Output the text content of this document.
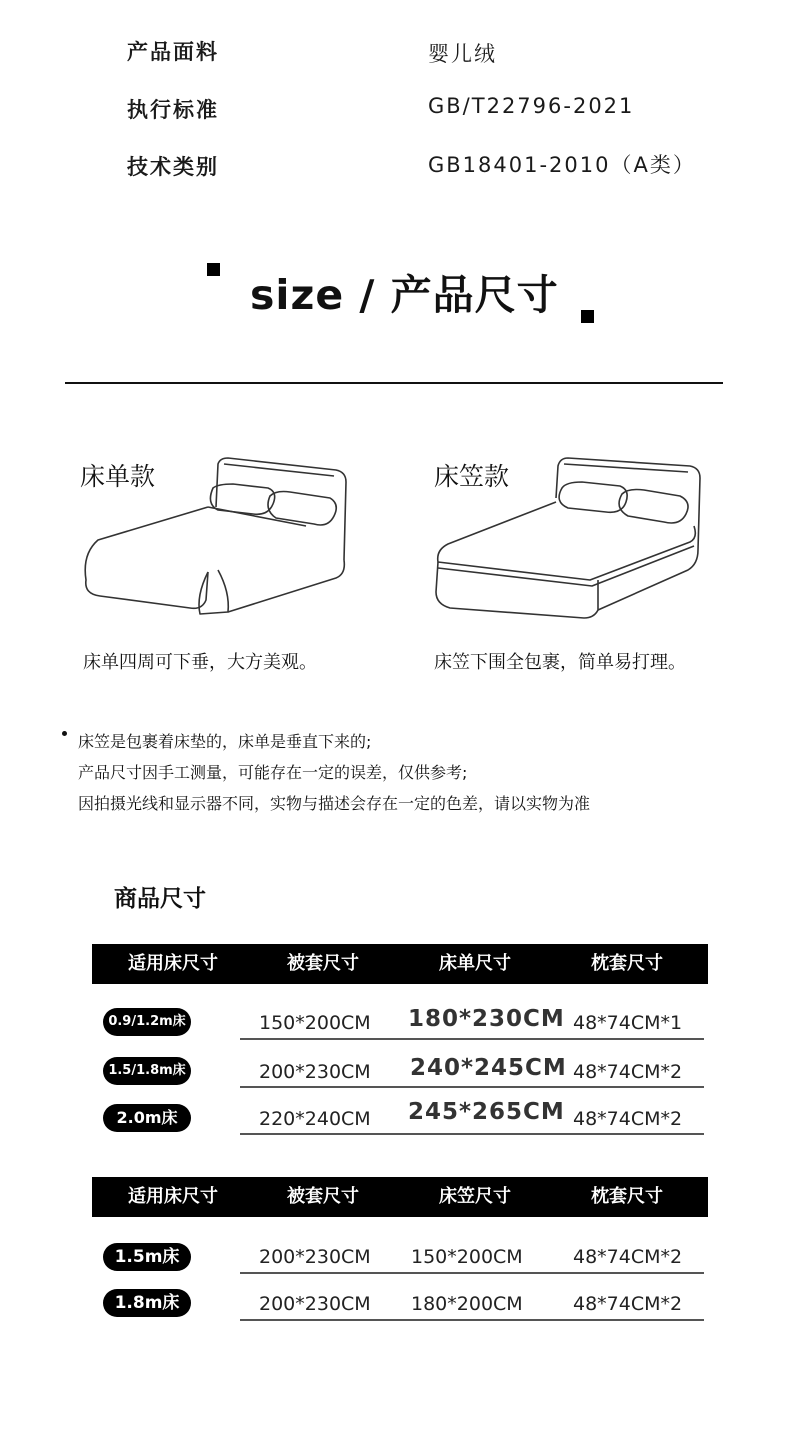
产品面料	婴儿绒
执行标准	GB/T22796-2021
技术类别	GB18401-2010（A类）
size / 产品尺寸
床单款
床单四周可下垂，大方美观。
床笠款
床笠下围全包裹，简单易打理。
床笠是包裹着床垫的，床单是垂直下来的;
产品尺寸因手工测量，可能存在一定的误差，仅供参考;
因拍摄光线和显示器不同，实物与描述会存在一定的色差，请以实物为准
商品尺寸
适用床尺寸	被套尺寸	床单尺寸	枕套尺寸
0.9/1.2m床	150*200CM 180*230CM 48*74CM*1
1.5/1.8m床	200*230CM 240*245CM 48*74CM*2
2.0m床	220*240CM 245*265CM 48*74CM*2
适用床尺寸	被套尺寸	床笠尺寸	枕套尺寸
1.5m床	200*230CM 150*200CM	48*74CM*2
1.8m床	200*230CM 180*200CM	48*74CM*2
